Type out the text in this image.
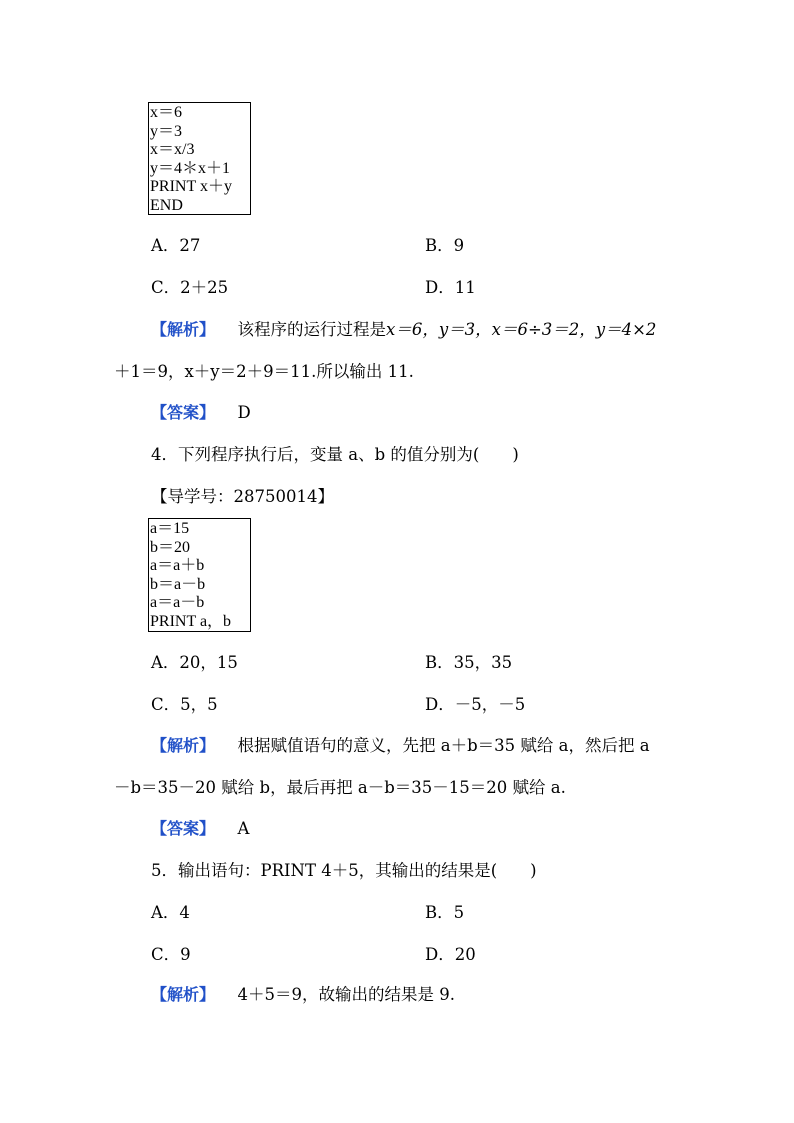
x＝6
y＝3
x＝x/3
y＝4＊x＋1
PRINT x＋y
END
A．27	B．9
C．2＋25	D．11
【解析】 该程序的运行过程是x＝6，y＝3，x＝6÷3＝2，y＝4×2
＋1＝9，x＋y＝2＋9＝11.所以输出 11.
【答案】 D
4．下列程序执行后，变量 a、b 的值分别为(　　)
【导学号：28750014】
a＝15
b＝20
a＝a＋b
b＝a－b
a＝a－b
PRINT a，b
A．20，15	B．35，35
C．5，5	D．－5，－5
【解析】 根据赋值语句的意义，先把 a＋b＝35 赋给 a，然后把 a
－b＝35－20 赋给 b，最后再把 a－b＝35－15＝20 赋给 a.
【答案】 A
5．输出语句：PRINT 4＋5，其输出的结果是(　　)
A．4	B．5
C．9	D．20
【解析】 4＋5＝9，故输出的结果是 9.
